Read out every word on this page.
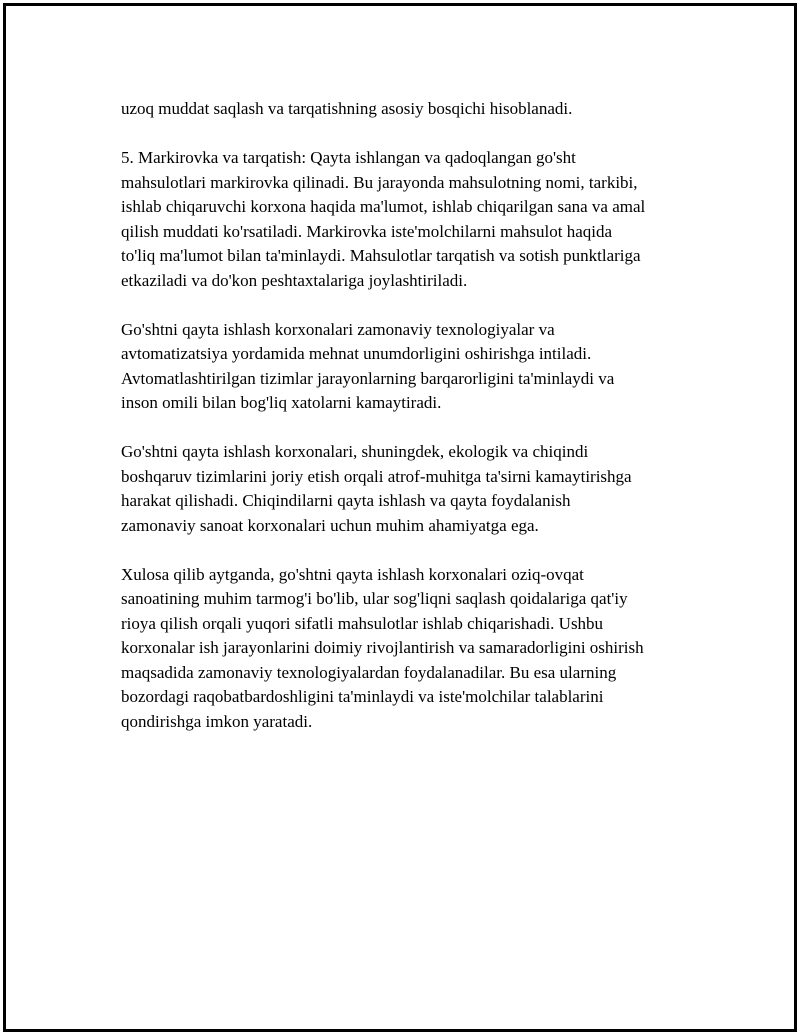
uzoq muddat saqlash va tarqatishning asosiy bosqichi hisoblanadi.
5. Markirovka va tarqatish: Qayta ishlangan va qadoqlangan go'sht
mahsulotlari markirovka qilinadi. Bu jarayonda mahsulotning nomi, tarkibi,
ishlab chiqaruvchi korxona haqida ma'lumot, ishlab chiqarilgan sana va amal
qilish muddati ko'rsatiladi. Markirovka iste'molchilarni mahsulot haqida
to'liq ma'lumot bilan ta'minlaydi. Mahsulotlar tarqatish va sotish punktlariga
etkaziladi va do'kon peshtaxtalariga joylashtiriladi.
Go'shtni qayta ishlash korxonalari zamonaviy texnologiyalar va
avtomatizatsiya yordamida mehnat unumdorligini oshirishga intiladi.
Avtomatlashtirilgan tizimlar jarayonlarning barqarorligini ta'minlaydi va
inson omili bilan bog'liq xatolarni kamaytiradi.
Go'shtni qayta ishlash korxonalari, shuningdek, ekologik va chiqindi
boshqaruv tizimlarini joriy etish orqali atrof-muhitga ta'sirni kamaytirishga
harakat qilishadi. Chiqindilarni qayta ishlash va qayta foydalanish
zamonaviy sanoat korxonalari uchun muhim ahamiyatga ega.
Xulosa qilib aytganda, go'shtni qayta ishlash korxonalari oziq-ovqat
sanoatining muhim tarmog'i bo'lib, ular sog'liqni saqlash qoidalariga qat'iy
rioya qilish orqali yuqori sifatli mahsulotlar ishlab chiqarishadi. Ushbu
korxonalar ish jarayonlarini doimiy rivojlantirish va samaradorligini oshirish
maqsadida zamonaviy texnologiyalardan foydalanadilar. Bu esa ularning
bozordagi raqobatbardoshligini ta'minlaydi va iste'molchilar talablarini
qondirishga imkon yaratadi.
